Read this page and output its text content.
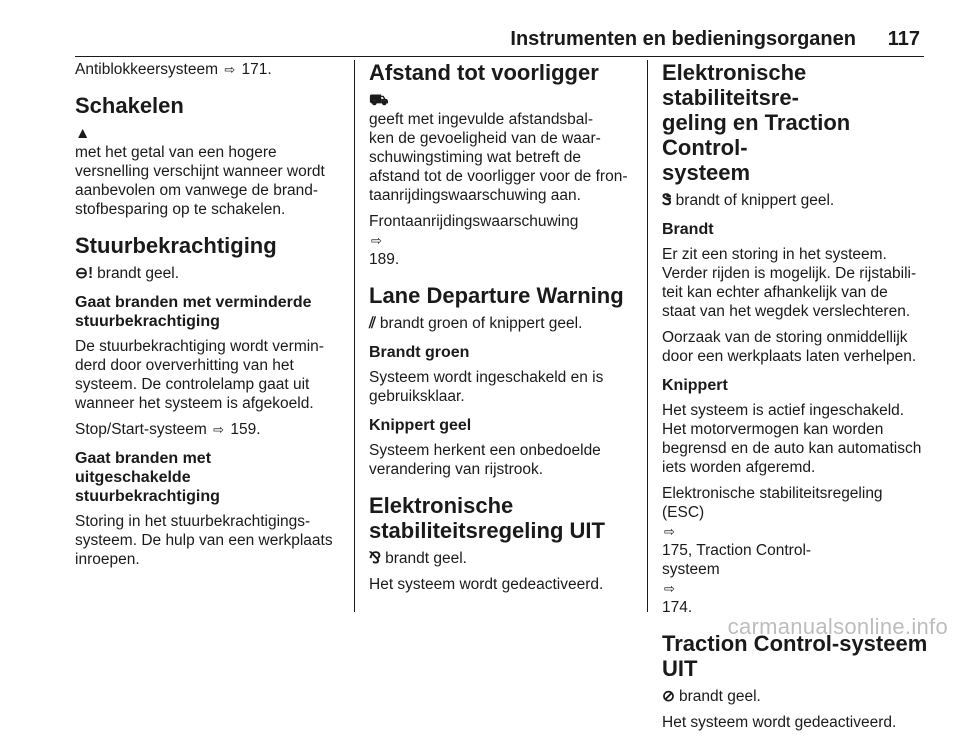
Instrumenten en bedieningsorganen 117

Antiblokkeersysteem ⇨ 171.

Schakelen

▲
met het getal van een hogere
versnelling verschijnt wanneer wordt
aanbevolen om vanwege de brand-
stofbesparing op te schakelen.

Stuurbekrachtiging

⊖! brandt geel.

Gaat branden met verminderde
stuurbekrachtiging

De stuurbekrachtiging wordt vermin-
derd door oververhitting van het
systeem. De controlelamp gaat uit
wanneer het systeem is afgekoeld.

Stop/Start-systeem ⇨ 159.

Gaat branden met
uitgeschakelde
stuurbekrachtiging

Storing in het stuurbekrachtigings-
systeem. De hulp van een werkplaats
inroepen.

Afstand tot voorligger

⛟
geeft met ingevulde afstandsbal-
ken de gevoeligheid van de waar-
schuwingstiming wat betreft de
afstand tot de voorligger voor de fron-
taanrijdingswaarschuwing aan.

Frontaanrijdingswaarschuwing
⇨
189.

Lane Departure Warning

⫽ brandt groen of knippert geel.

Brandt groen

Systeem wordt ingeschakeld en is
gebruiksklaar.

Knippert geel

Systeem herkent een onbedoelde
verandering van rijstrook.

Elektronische
stabiliteitsregeling UIT

⅋ brandt geel.

Het systeem wordt gedeactiveerd.

Elektronische stabiliteitsre-
geling en Traction Control-
systeem

Ꮥ brandt of knippert geel.

Brandt

Er zit een storing in het systeem.
Verder rijden is mogelijk. De rijstabili-
teit kan echter afhankelijk van de
staat van het wegdek verslechteren.

Oorzaak van de storing onmiddellijk
door een werkplaats laten verhelpen.

Knippert

Het systeem is actief ingeschakeld.
Het motorvermogen kan worden
begrensd en de auto kan automatisch
iets worden afgeremd.

Elektronische stabiliteitsregeling
(ESC)
⇨
175, Traction Control-
systeem
⇨
174.

Traction Control-systeem
UIT

⊘ brandt geel.

Het systeem wordt gedeactiveerd.

carmanualsonline.info
